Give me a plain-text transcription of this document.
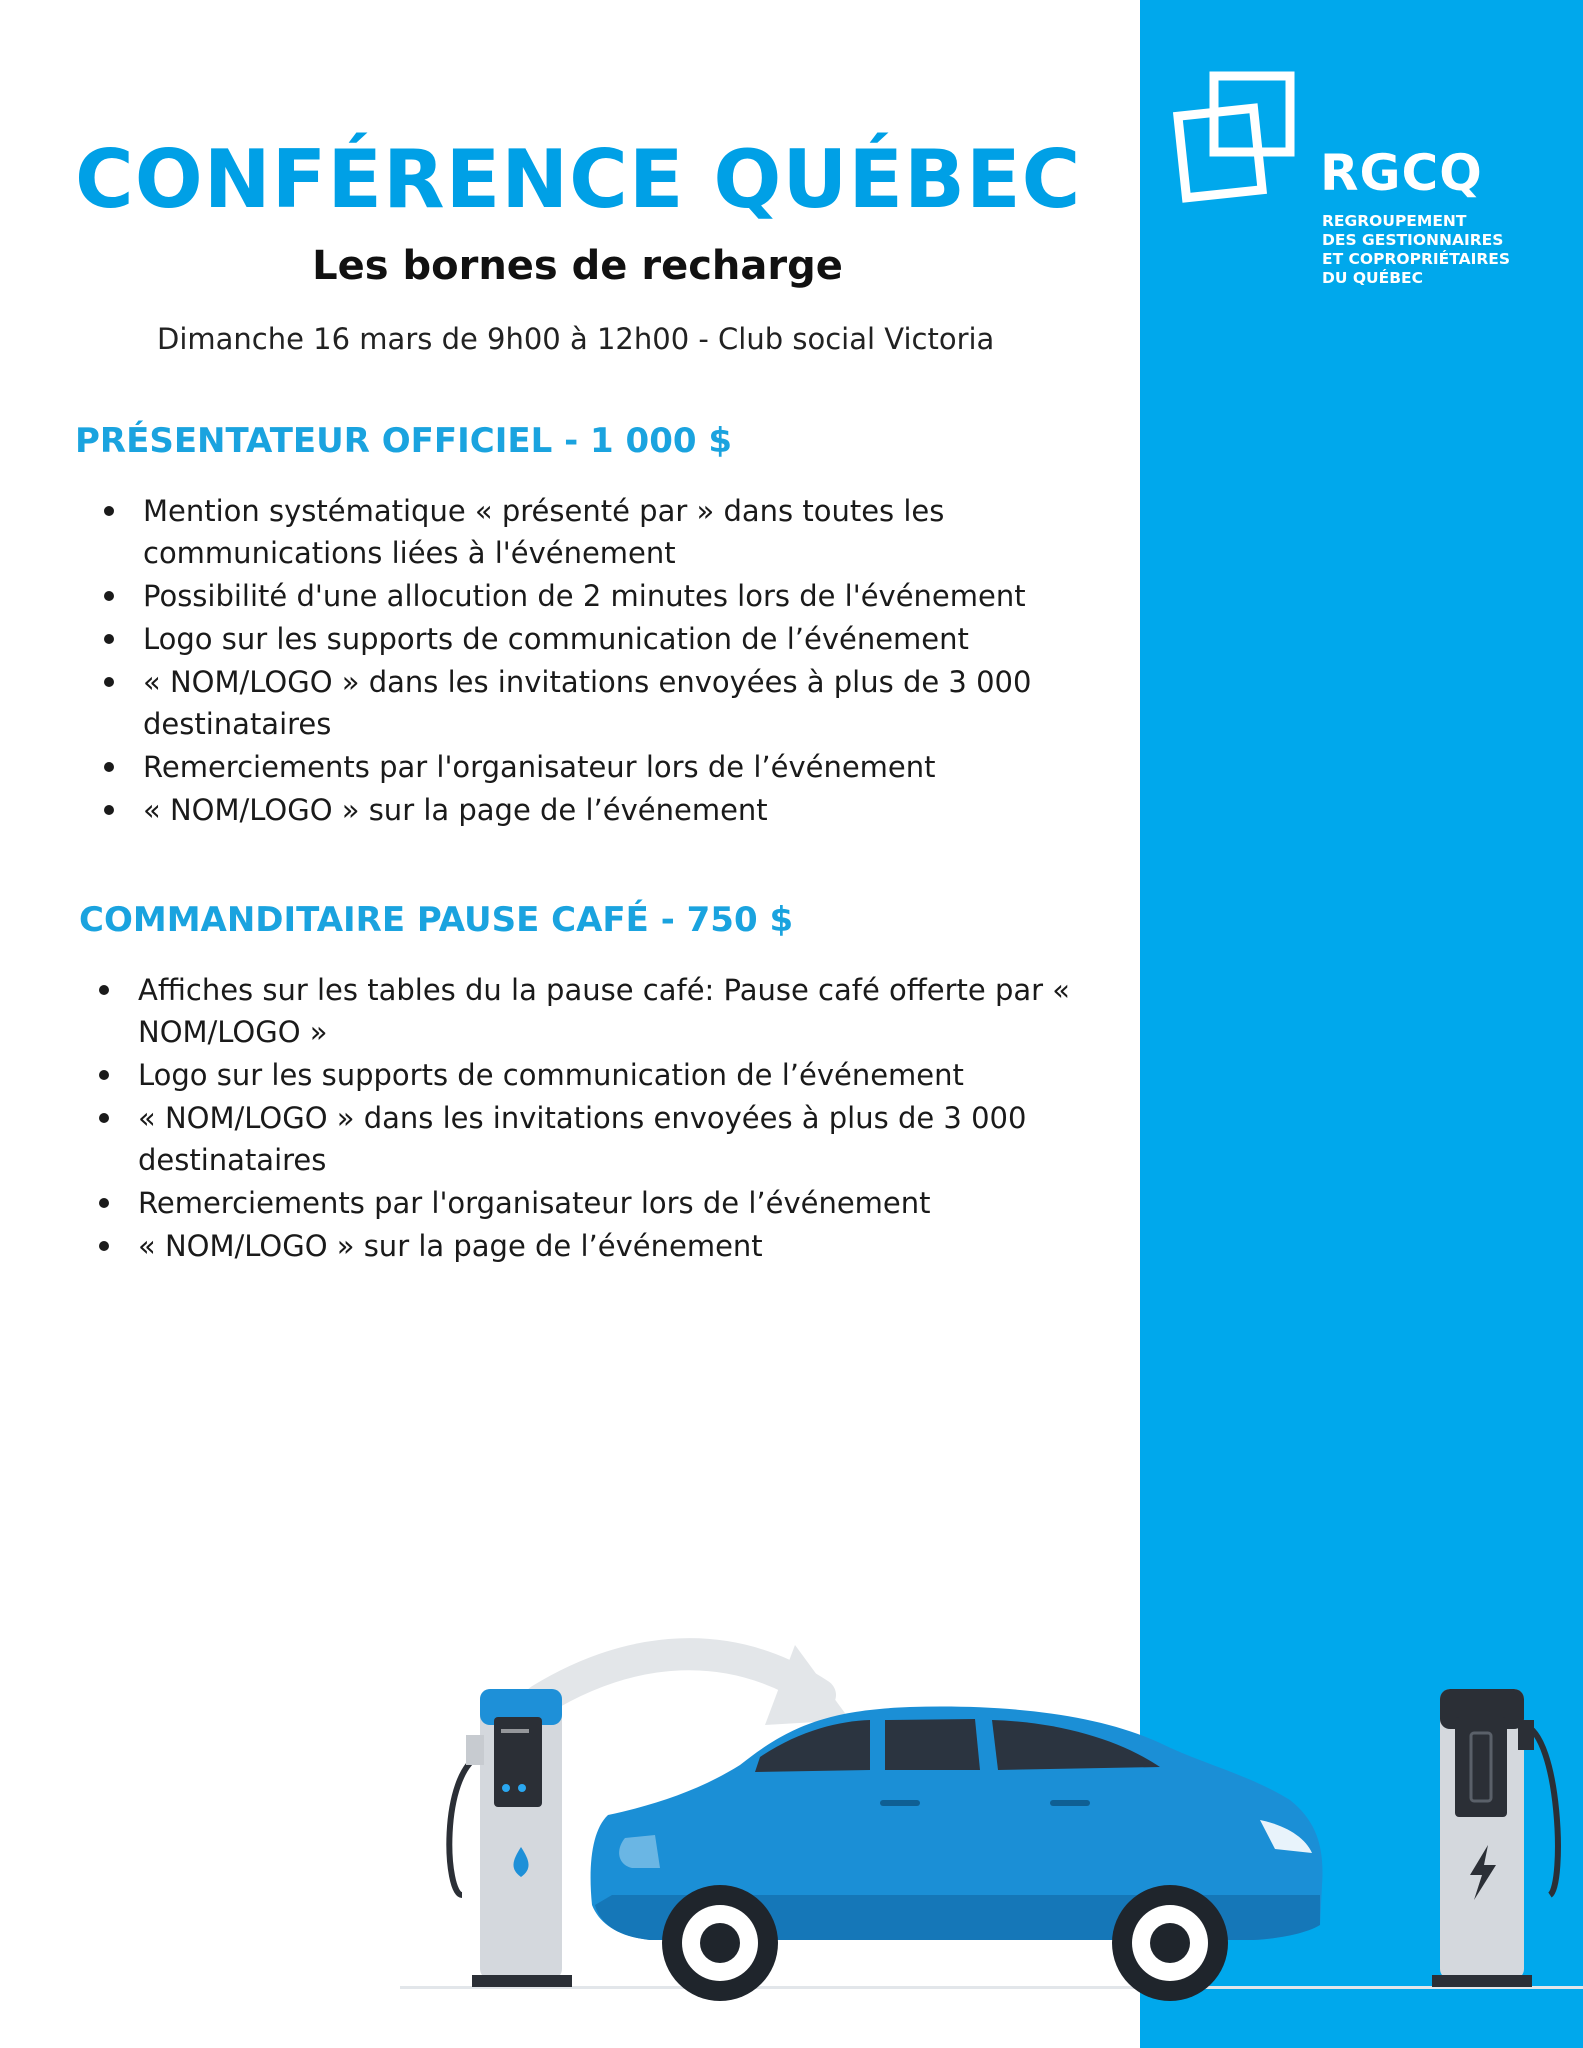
RGCQ

REGROUPEMENT
DES GESTIONNAIRES
ET COPROPRIÉTAIRES
DU QUÉBEC

CONFÉRENCE QUÉBEC
Les bornes de recharge

Dimanche 16 mars de 9h00 à 12h00 - Club social Victoria

PRÉSENTATEUR OFFICIEL - 1 000 $
• Mention systématique « présenté par » dans toutes les communications liées à l'événement
• Possibilité d'une allocution de 2 minutes lors de l'événement
• Logo sur les supports de communication de l’événement
• « NOM/LOGO » dans les invitations envoyées à plus de 3 000 destinataires
• Remerciements par l'organisateur lors de l’événement
• « NOM/LOGO » sur la page de l’événement
COMMANDITAIRE PAUSE CAFÉ - 750 $
• Affiches sur les tables du la pause café: Pause café offerte par « NOM/LOGO »
• Logo sur les supports de communication de l’événement
• « NOM/LOGO » dans les invitations envoyées à plus de 3 000 destinataires
• Remerciements par l'organisateur lors de l’événement
• « NOM/LOGO » sur la page de l’événement
